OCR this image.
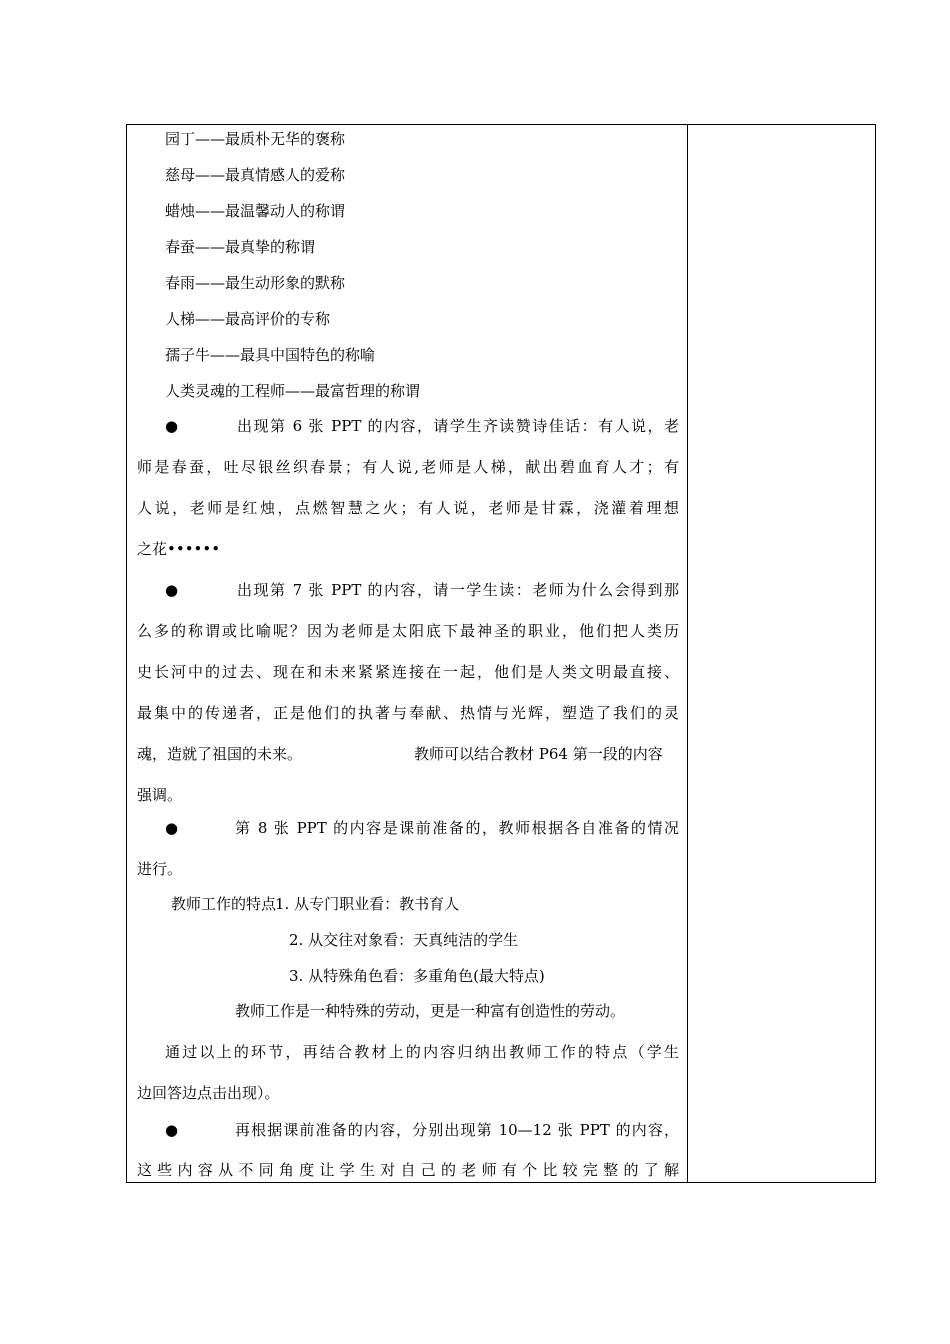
园丁——最质朴无华的褒称
慈母——最真情感人的爱称
蜡烛——最温馨动人的称谓
春蚕——最真挚的称谓
春雨——最生动形象的默称
人梯——最高评价的专称
孺子牛——最具中国特色的称喻
人类灵魂的工程师——最富哲理的称谓
●	出现第 6 张 PPT 的内容，请学生齐读赞诗佳话：有人说，老
师是春蚕，吐尽银丝织春景；有人说,老师是人梯，献出碧血育人才；有
人说，老师是红烛，点燃智慧之火；有人说，老师是甘霖，浇灌着理想
之花••••••
●	出现第 7 张 PPT 的内容，请一学生读：老师为什么会得到那
么多的称谓或比喻呢？因为老师是太阳底下最神圣的职业，他们把人类历
史长河中的过去、现在和未来紧紧连接在一起，他们是人类文明最直接、
最集中的传递者，正是他们的执著与奉献、热情与光辉，塑造了我们的灵
魂，造就了祖国的未来。	教师可以结合教材 P64 第一段的内容
强调。
●	第 8 张 PPT 的内容是课前准备的，教师根据各自准备的情况
进行。
教师工作的特点
1. 从专门职业看：教书育人
2. 从交往对象看：天真纯洁的学生
3. 从特殊角色看：多重角色(最大特点)
教师工作是一种特殊的劳动，更是一种富有创造性的劳动。
通过以上的环节，再结合教材上的内容归纳出教师工作的特点（学生
边回答边点击出现）。
●	再根据课前准备的内容，分别出现第 10—12 张 PPT 的内容，
这些内容从不同角度让学生对自己的老师有个比较完整的了解
